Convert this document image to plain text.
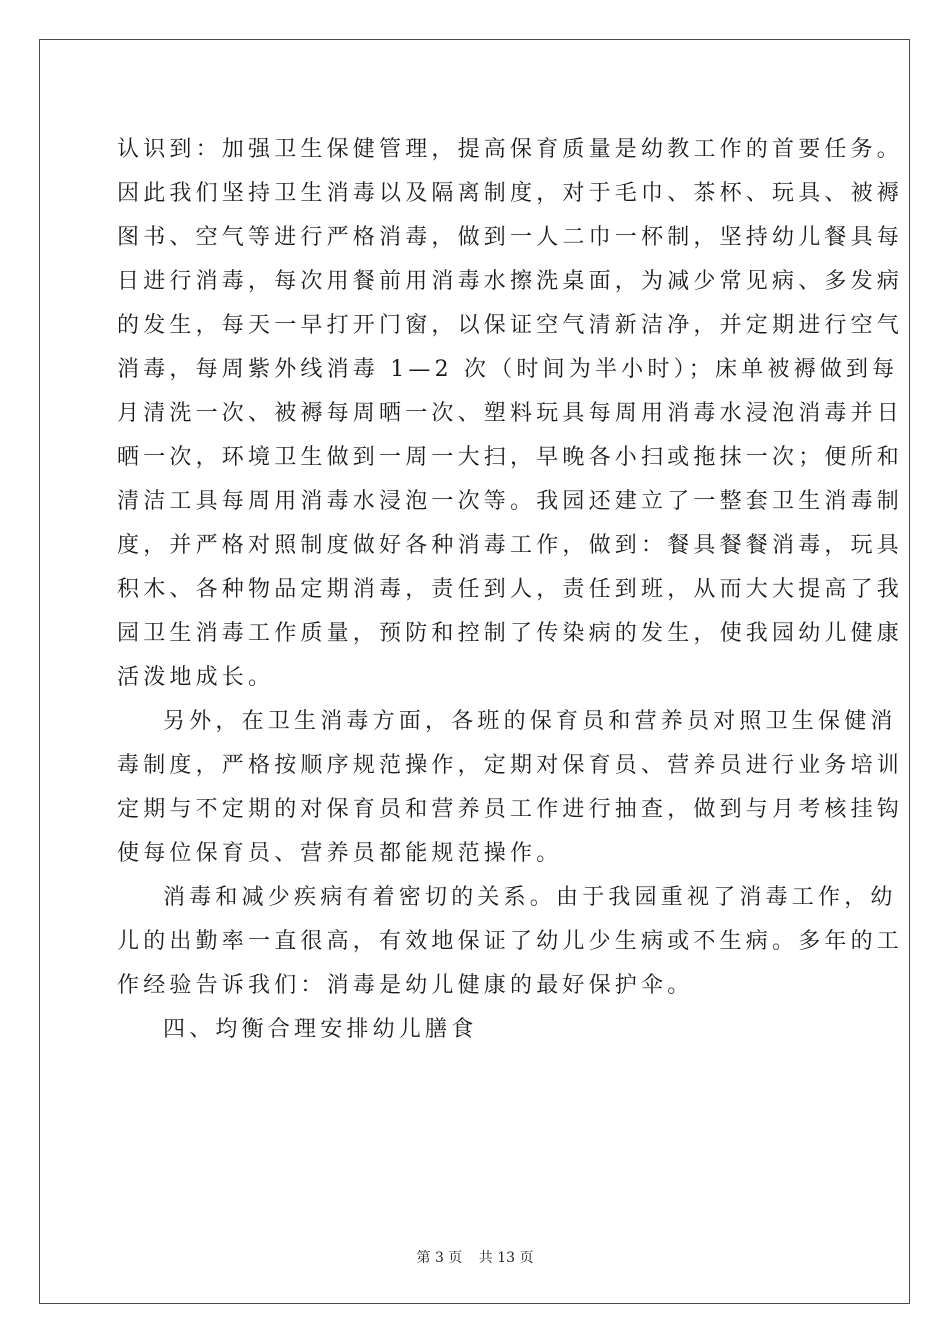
认识到：加强卫生保健管理，提高保育质量是幼教工作的首要任务。
因此我们坚持卫生消毒以及隔离制度，对于毛巾、茶杯、玩具、被褥
图书、空气等进行严格消毒，做到一人二巾一杯制，坚持幼儿餐具每
日进行消毒，每次用餐前用消毒水擦洗桌面，为减少常见病、多发病
的发生，每天一早打开门窗，以保证空气清新洁净，并定期进行空气
消毒，每周紫外线消毒 1—2 次（时间为半小时）；床单被褥做到每
月清洗一次、被褥每周晒一次、塑料玩具每周用消毒水浸泡消毒并日
晒一次，环境卫生做到一周一大扫，早晚各小扫或拖抹一次；便所和
清洁工具每周用消毒水浸泡一次等。我园还建立了一整套卫生消毒制
度，并严格对照制度做好各种消毒工作，做到：餐具餐餐消毒，玩具
积木、各种物品定期消毒，责任到人，责任到班，从而大大提高了我
园卫生消毒工作质量，预防和控制了传染病的发生，使我园幼儿健康
活泼地成长。
另外，在卫生消毒方面，各班的保育员和营养员对照卫生保健消
毒制度，严格按顺序规范操作，定期对保育员、营养员进行业务培训
定期与不定期的对保育员和营养员工作进行抽查，做到与月考核挂钩
使每位保育员、营养员都能规范操作。
消毒和减少疾病有着密切的关系。由于我园重视了消毒工作，幼
儿的出勤率一直很高，有效地保证了幼儿少生病或不生病。多年的工
作经验告诉我们：消毒是幼儿健康的最好保护伞。
四、均衡合理安排幼儿膳食
第 3 页 共 13 页
